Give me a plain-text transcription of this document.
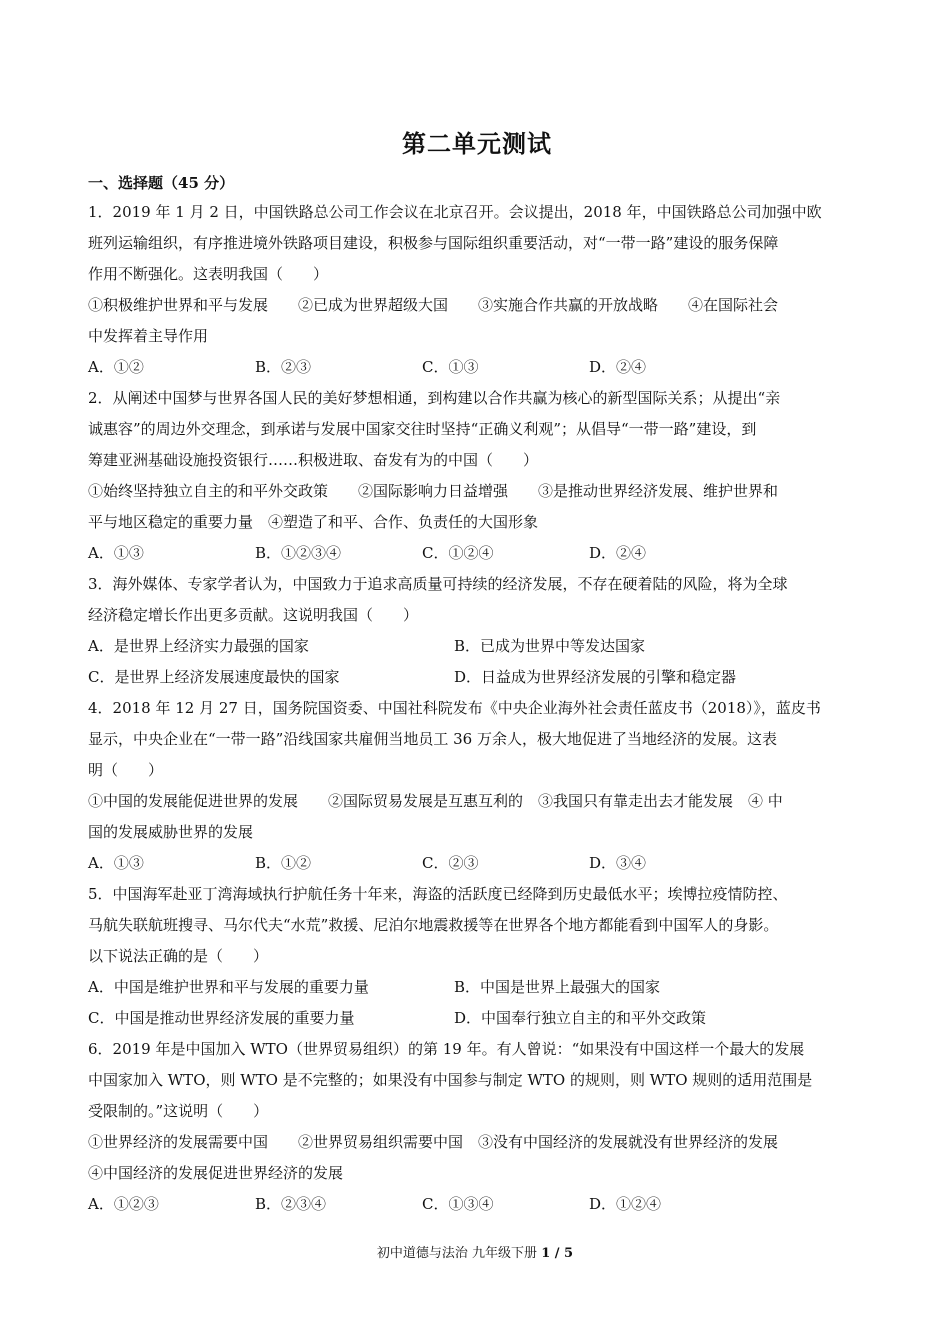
第二单元测试
一、选择题（45 分）
1．2019 年 1 月 2 日，中国铁路总公司工作会议在北京召开。会议提出，2018 年，中国铁路总公司加强中欧
班列运输组织，有序推进境外铁路项目建设，积极参与国际组织重要活动，对“一带一路”建设的服务保障
作用不断强化。这表明我国（　　）
①积极维护世界和平与发展　　②已成为世界超级大国　　③实施合作共赢的开放战略　　④在国际社会
中发挥着主导作用
A．①②	B．②③	C．①③	D．②④
2．从阐述中国梦与世界各国人民的美好梦想相通，到构建以合作共赢为核心的新型国际关系；从提出“亲
诚惠容”的周边外交理念，到承诺与发展中国家交往时坚持“正确义利观”；从倡导“一带一路”建设，到
筹建亚洲基础设施投资银行……积极进取、奋发有为的中国（　　）
①始终坚持独立自主的和平外交政策　　②国际影响力日益增强　　③是推动世界经济发展、维护世界和
平与地区稳定的重要力量　④塑造了和平、合作、负责任的大国形象
A．①③	B．①②③④	C．①②④	D．②④
3．海外媒体、专家学者认为，中国致力于追求高质量可持续的经济发展，不存在硬着陆的风险，将为全球
经济稳定增长作出更多贡献。这说明我国（　　）
A．是世界上经济实力最强的国家	B．已成为世界中等发达国家
C．是世界上经济发展速度最快的国家	D．日益成为世界经济发展的引擎和稳定器
4．2018 年 12 月 27 日，国务院国资委、中国社科院发布《中央企业海外社会责任蓝皮书（2018）》，蓝皮书
显示，中央企业在“一带一路”沿线国家共雇佣当地员工 36 万余人，极大地促进了当地经济的发展。这表
明（　　）
①中国的发展能促进世界的发展　　②国际贸易发展是互惠互利的　③我国只有靠走出去才能发展　④ 中
国的发展威胁世界的发展
A．①③	B．①②	C．②③	D．③④
5．中国海军赴亚丁湾海域执行护航任务十年来，海盗的活跃度已经降到历史最低水平；埃博拉疫情防控、
马航失联航班搜寻、马尔代夫“水荒”救援、尼泊尔地震救援等在世界各个地方都能看到中国军人的身影。
以下说法正确的是（　　）
A．中国是维护世界和平与发展的重要力量	B．中国是世界上最强大的国家
C．中国是推动世界经济发展的重要力量	D．中国奉行独立自主的和平外交政策
6．2019 年是中国加入 WTO（世界贸易组织）的第 19 年。有人曾说：“如果没有中国这样一个最大的发展
中国家加入 WTO，则 WTO 是不完整的；如果没有中国参与制定 WTO 的规则，则 WTO 规则的适用范围是
受限制的。”这说明（　　）
①世界经济的发展需要中国　　②世界贸易组织需要中国　③没有中国经济的发展就没有世界经济的发展
④中国经济的发展促进世界经济的发展
A．①②③	B．②③④	C．①③④	D．①②④
初中道德与法治 九年级下册 1 / 5
